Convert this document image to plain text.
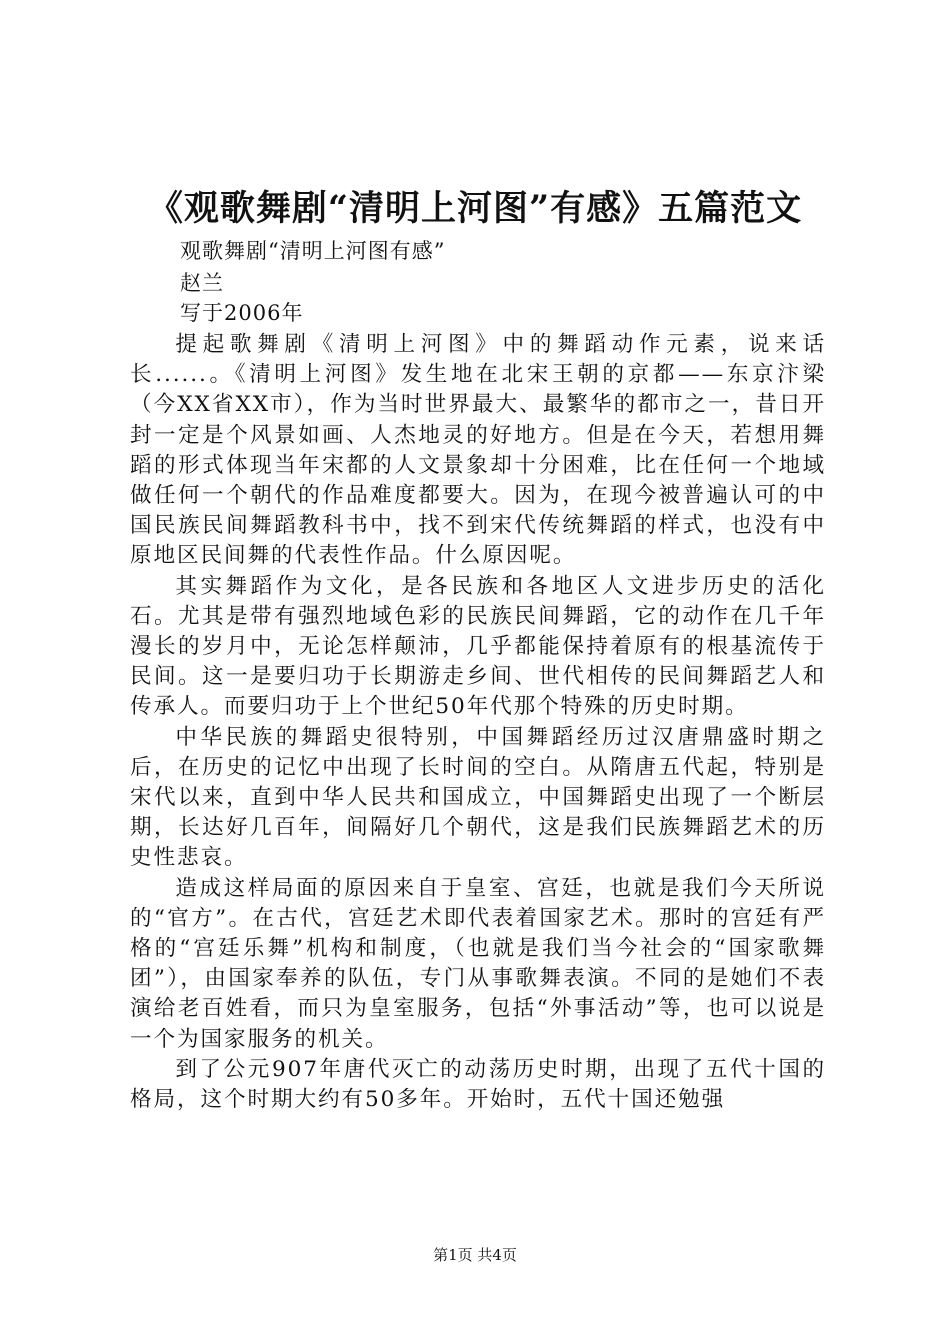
《观歌舞剧“清明上河图”有感》五篇范文
观歌舞剧“清明上河图有感”
赵兰
写于2006年

提起歌舞剧《清明上河图》中的舞蹈动作元素，说来话长......。《清明上河图》发生地在北宋王朝的京都——东京汴梁（今XX省XX市），作为当时世界最大、最繁华的都市之一，昔日开封一定是个风景如画、人杰地灵的好地方。但是在今天，若想用舞蹈的形式体现当年宋都的人文景象却十分困难，比在任何一个地域做任何一个朝代的作品难度都要大。因为，在现今被普遍认可的中国民族民间舞蹈教科书中，找不到宋代传统舞蹈的样式，也没有中原地区民间舞的代表性作品。什么原因呢。

其实舞蹈作为文化，是各民族和各地区人文进步历史的活化石。尤其是带有强烈地域色彩的民族民间舞蹈，它的动作在几千年漫长的岁月中，无论怎样颠沛，几乎都能保持着原有的根基流传于民间。这一是要归功于长期游走乡间、世代相传的民间舞蹈艺人和传承人。而要归功于上个世纪50年代那个特殊的历史时期。

中华民族的舞蹈史很特别，中国舞蹈经历过汉唐鼎盛时期之后，在历史的记忆中出现了长时间的空白。从隋唐五代起，特别是宋代以来，直到中华人民共和国成立，中国舞蹈史出现了一个断层期，长达好几百年，间隔好几个朝代，这是我们民族舞蹈艺术的历史性悲哀。

造成这样局面的原因来自于皇室、宫廷，也就是我们今天所说的“官方”。在古代，宫廷艺术即代表着国家艺术。那时的宫廷有严格的“宫廷乐舞”机构和制度，（也就是我们当今社会的“国家歌舞团”），由国家奉养的队伍，专门从事歌舞表演。不同的是她们不表演给老百姓看，而只为皇室服务，包括“外事活动”等，也可以说是一个为国家服务的机关。

到了公元907年唐代灭亡的动荡历史时期，出现了五代十国的格局，这个时期大约有50多年。开始时，五代十国还勉强

第1页 共4页
